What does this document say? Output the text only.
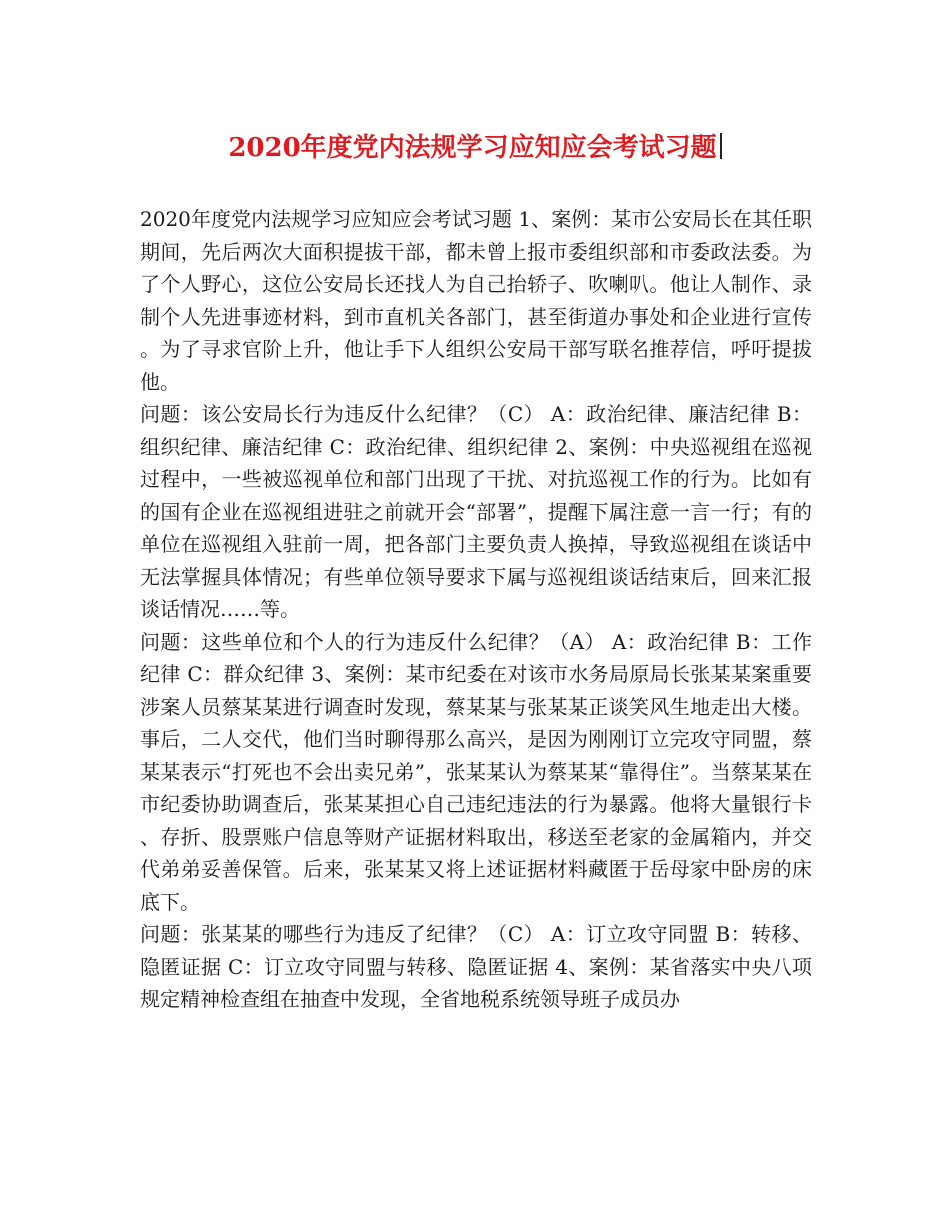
2020年度党内法规学习应知应会考试习题

2020年度党内法规学习应知应会考试习题 1、案例：某市公安局长在其任职期间，先后两次大面积提拔干部，都未曾上报市委组织部和市委政法委。为了个人野心，这位公安局长还找人为自己抬轿子、吹喇叭。他让人制作、录制个人先进事迹材料，到市直机关各部门，甚至街道办事处和企业进行宣传。为了寻求官阶上升，他让手下人组织公安局干部写联名推荐信，呼吁提拔他。

问题：该公安局长行为违反什么纪律？（C） A：政治纪律、廉洁纪律 B：组织纪律、廉洁纪律 C：政治纪律、组织纪律 2、案例：中央巡视组在巡视过程中，一些被巡视单位和部门出现了干扰、对抗巡视工作的行为。比如有的国有企业在巡视组进驻之前就开会“部署”，提醒下属注意一言一行；有的单位在巡视组入驻前一周，把各部门主要负责人换掉，导致巡视组在谈话中无法掌握具体情况；有些单位领导要求下属与巡视组谈话结束后，回来汇报谈话情况……等。

问题：这些单位和个人的行为违反什么纪律？（A） A：政治纪律 B：工作纪律 C：群众纪律 3、案例：某市纪委在对该市水务局原局长张某某案重要涉案人员蔡某某进行调查时发现，蔡某某与张某某正谈笑风生地走出大楼。事后，二人交代，他们当时聊得那么高兴，是因为刚刚订立完攻守同盟，蔡某某表示“打死也不会出卖兄弟”，张某某认为蔡某某“靠得住”。当蔡某某在市纪委协助调查后，张某某担心自己违纪违法的行为暴露。他将大量银行卡、存折、股票账户信息等财产证据材料取出，移送至老家的金属箱内，并交代弟弟妥善保管。后来，张某某又将上述证据材料藏匿于岳母家中卧房的床底下。

问题：张某某的哪些行为违反了纪律？（C） A：订立攻守同盟 B：转移、隐匿证据 C：订立攻守同盟与转移、隐匿证据 4、案例：某省落实中央八项规定精神检查组在抽查中发现，全省地税系统领导班子成员办
